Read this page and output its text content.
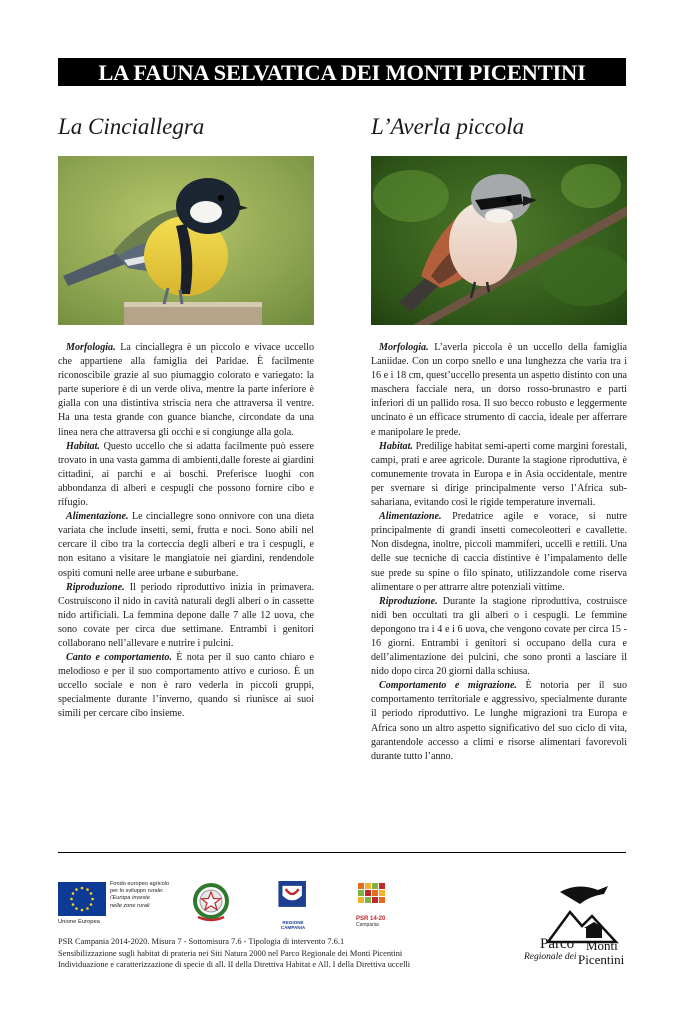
LA FAUNA SELVATICA DEI MONTI PICENTINI
La Cinciallegra	L’Averla piccola

Morfologia. La cinciallegra è un piccolo e vivace uccello che appartiene alla famiglia dei Paridae. È facilmente riconoscibile grazie al suo piumaggio colorato e variegato: la parte superiore è di un verde oliva, mentre la parte inferiore è gialla con una distintiva striscia nera che attraversa il ventre. Ha una testa grande con guance bianche, circondate da una linea nera che attraversa gli occhi e si congiunge alla gola.

Habitat. Questo uccello che si adatta facilmente può essere trovato in una vasta gamma di ambienti,dalle foreste ai giardini cittadini, ai parchi e ai boschi. Preferisce luoghi con abbondanza di alberi e cespugli che possono fornire cibo e rifugio.

Alimentazione. Le cinciallegre sono onnivore con una dieta variata che include insetti, semi, frutta e noci. Sono abili nel cercare il cibo tra la corteccia degli alberi e tra i cespugli, e non esitano a visitare le mangiatoie nei giardini, rendendole ospiti comuni nelle aree urbane e suburbane.

Riproduzione. Il periodo riproduttivo inizia in primavera. Costruiscono il nido in cavità naturali degli alberi o in cassette nido artificiali. La femmina depone dalle 7 alle 12 uova, che sono covate per circa due settimane. Entrambi i genitori collaborano nell’allevare e nutrire i pulcini.

Canto e comportamento. È nota per il suo canto chiaro e melodioso e per il suo comportamento attivo e curioso. È un uccello sociale e non è raro vederla in piccoli gruppi, specialmente durante l’inverno, quando si riunisce ai suoi simili per cercare cibo insieme.

Morfologia. L’averla piccola è un uccello della famiglia Laniidae. Con un corpo snello e una lunghezza che varia tra i 16 e i 18 cm, quest’uccello presenta un aspetto distinto con una maschera facciale nera, un dorso rosso-brunastro e parti inferiori di un pallido rosa. Il suo becco robusto e leggermente uncinato è un efficace strumento di caccia, ideale per afferrare e manipolare le prede.

Habitat. Predilige habitat semi-aperti come margini forestali, campi, prati e aree agricole. Durante la stagione riproduttiva, è comunemente trovata in Europa e in Asia occidentale, mentre per svernare si dirige principalmente verso l’Africa sub-sahariana, evitando così le rigide temperature invernali.

Alimentazione. Predatrice agile e vorace, si nutre principalmente di grandi insetti comecoleotteri e cavallette. Non disdegna, inoltre, piccoli mammiferi, uccelli e rettili. Una delle sue tecniche di caccia distintive è l’impalamento delle sue prede su spine o filo spinato, utilizzandole come riserva alimentare o per attrarre altre potenziali vittime.

Riproduzione. Durante la stagione riproduttiva, costruisce nidi ben occultati tra gli alberi o i cespugli. Le femmine depongono tra i 4 e i 6 uova, che vengono covate per circa 15 - 16 giorni. Entrambi i genitori si occupano della cura e dell’alimentazione dei pulcini, che sono pronti a lasciare il nido dopo circa 20 giorni dalla schiusa.

Comportamento e migrazione. È notoria per il suo comportamento territoriale e aggressivo, specialmente durante il periodo riproduttivo. Le lunghe migrazioni tra Europa e Africa sono un altro aspetto significativo del suo ciclo di vita, garantendole accesso a climi e risorse alimentari favorevoli durante tutto l’anno.

Fondo europeo agricolo
per lo sviluppo rurale:
l’Europa investe
nelle zone rurali
Unione Europea	REGIONE CAMPANIA
PSR 14-20
Campania
PSR Campania 2014-2020. Misura 7 - Sottomisura 7.6 - Tipologia di intervento 7.6.1
Sensibilizzazione sugli habitat di prateria nei Siti Natura 2000 nel Parco Regionale dei Monti Picentini
Individuazione e caratterizzazione di specie di all. II della Direttiva Habitat e All. I della Direttiva uccelli
Parco
Regionale dei
Monti
Picentini
